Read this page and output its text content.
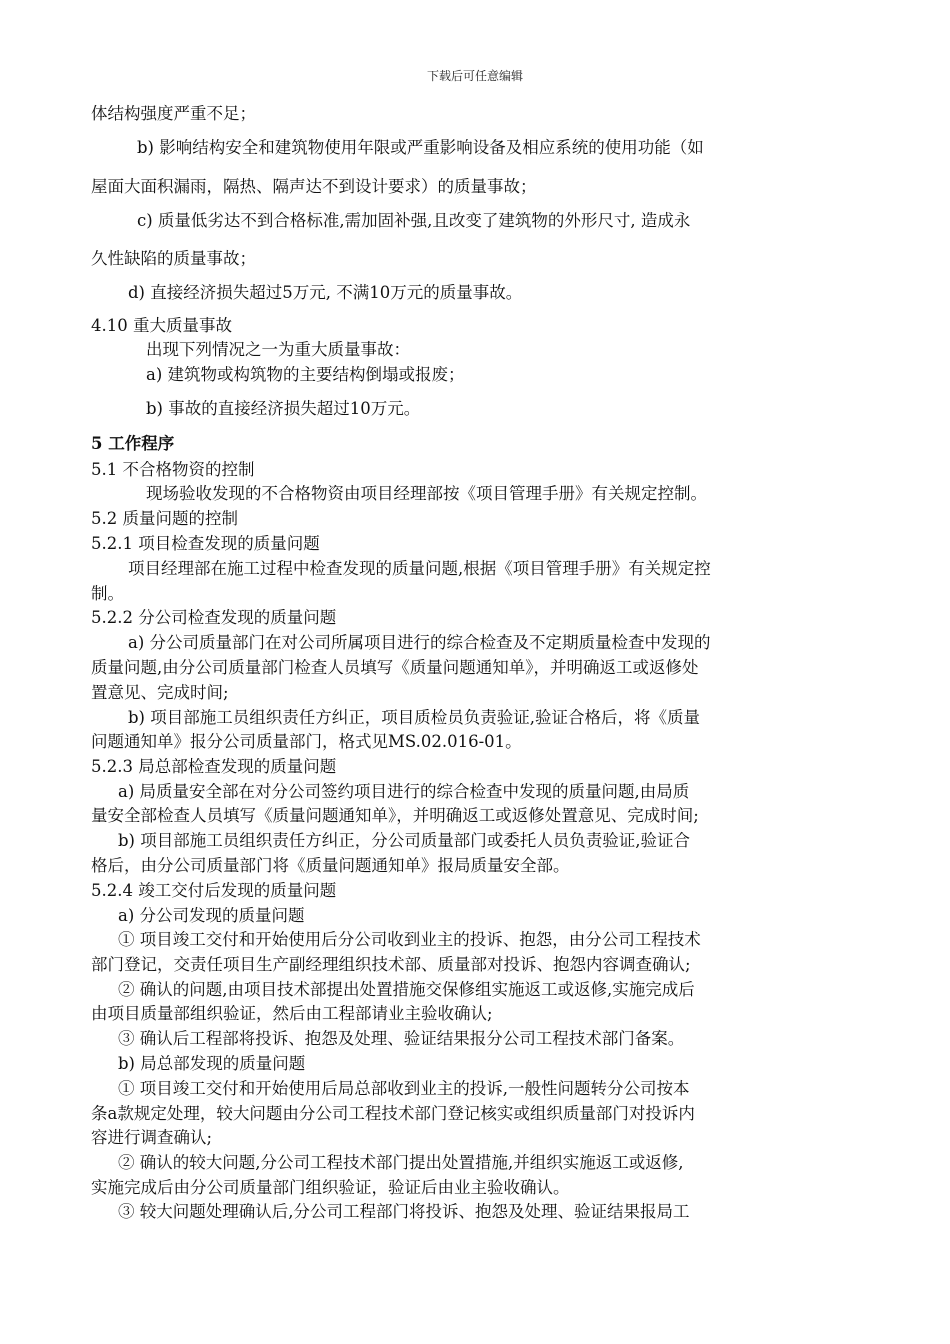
下载后可任意编辑
体结构强度严重不足；
b) 影响结构安全和建筑物使用年限或严重影响设备及相应系统的使用功能（如
屋面大面积漏雨，隔热、隔声达不到设计要求）的质量事故；
c) 质量低劣达不到合格标准,需加固补强,且改变了建筑物的外形尺寸, 造成永
久性缺陷的质量事故；
d) 直接经济损失超过5万元, 不满10万元的质量事故。
4.10 重大质量事故
出现下列情况之一为重大质量事故：
a) 建筑物或构筑物的主要结构倒塌或报废；
b) 事故的直接经济损失超过10万元。
5 工作程序
5.1 不合格物资的控制
现场验收发现的不合格物资由项目经理部按《项目管理手册》有关规定控制。
5.2 质量问题的控制
5.2.1 项目检查发现的质量问题
项目经理部在施工过程中检查发现的质量问题,根据《项目管理手册》有关规定控
制。
5.2.2 分公司检查发现的质量问题
a) 分公司质量部门在对公司所属项目进行的综合检查及不定期质量检查中发现的
质量问题,由分公司质量部门检查人员填写《质量问题通知单》，并明确返工或返修处
置意见、完成时间;
b) 项目部施工员组织责任方纠正，项目质检员负责验证,验证合格后，将《质量
问题通知单》报分公司质量部门，格式见MS.02.016-01。
5.2.3 局总部检查发现的质量问题
a) 局质量安全部在对分公司签约项目进行的综合检查中发现的质量问题,由局质
量安全部检查人员填写《质量问题通知单》，并明确返工或返修处置意见、完成时间;
b) 项目部施工员组织责任方纠正，分公司质量部门或委托人员负责验证,验证合
格后，由分公司质量部门将《质量问题通知单》报局质量安全部。
5.2.4 竣工交付后发现的质量问题
a) 分公司发现的质量问题
① 项目竣工交付和开始使用后分公司收到业主的投诉、抱怨，由分公司工程技术
部门登记，交责任项目生产副经理组织技术部、质量部对投诉、抱怨内容调查确认;
② 确认的问题,由项目技术部提出处置措施交保修组实施返工或返修,实施完成后
由项目质量部组织验证，然后由工程部请业主验收确认;
③ 确认后工程部将投诉、抱怨及处理、验证结果报分公司工程技术部门备案。
b) 局总部发现的质量问题
① 项目竣工交付和开始使用后局总部收到业主的投诉,一般性问题转分公司按本
条a款规定处理，较大问题由分公司工程技术部门登记核实或组织质量部门对投诉内
容进行调查确认;
② 确认的较大问题,分公司工程技术部门提出处置措施,并组织实施返工或返修,
实施完成后由分公司质量部门组织验证，验证后由业主验收确认。
③ 较大问题处理确认后,分公司工程部门将投诉、抱怨及处理、验证结果报局工
